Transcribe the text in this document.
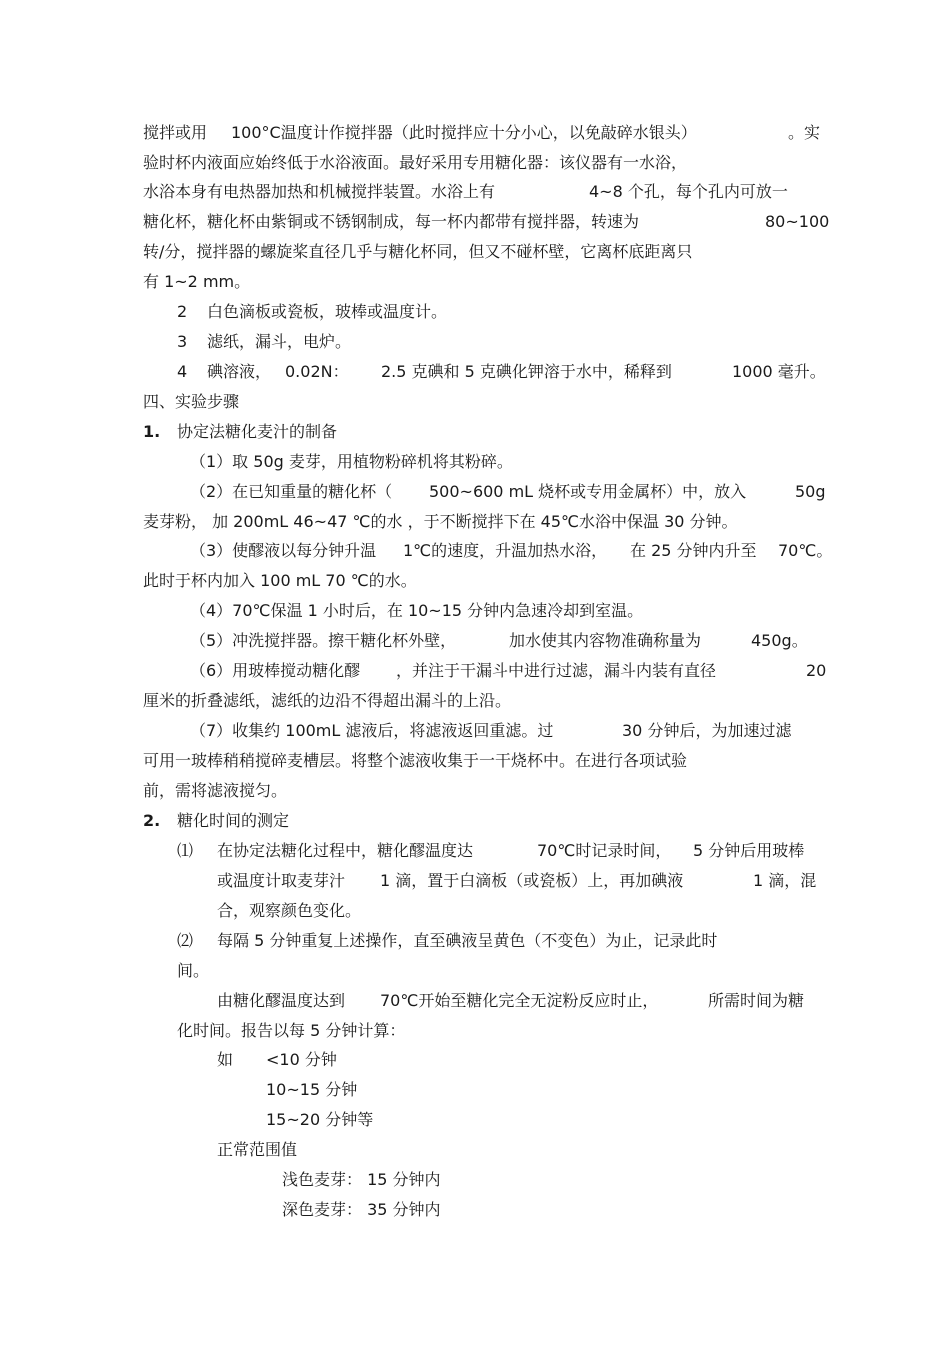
搅拌或用 100°C温度计作搅拌器（此时搅拌应十分小心，以免敲碎水银头）	。实
验时杯内液面应始终低于水浴液面。最好采用专用糖化器：该仪器有一水浴，
水浴本身有电热器加热和机械搅拌装置。水浴上有	4~8 个孔，每个孔内可放一
糖化杯，糖化杯由紫铜或不锈钢制成，每一杯内都带有搅拌器，转速为	80~100
转/分，搅拌器的螺旋桨直径几乎与糖化杯同，但又不碰杯壁，它离杯底距离只
有 1~2 mm。
2 白色滴板或瓷板，玻棒或温度计。
3 滤纸，漏斗，电炉。
4 碘溶液， 0.02N： 2.5 克碘和 5 克碘化钾溶于水中，稀释到	1000 毫升。
四、实验步骤
1. 协定法糖化麦汁的制备
（1）取 50g 麦芽，用植物粉碎机将其粉碎。
（2）在已知重量的糖化杯（ 500~600 mL 烧杯或专用金属杯）中，放入	50g
麦芽粉， 加 200mL 46~47 ℃的水 ，于不断搅拌下在 45℃水浴中保温 30 分钟。
（3）使醪液以每分钟升温 1℃的速度，升温加热水浴， 在 25 分钟内升至 70℃。
此时于杯内加入 100 mL 70 ℃的水。
（4）70℃保温 1 小时后，在 10~15 分钟内急速冷却到室温。
（5）冲洗搅拌器。擦干糖化杯外壁，	加水使其内容物准确称量为	450g。
（6）用玻棒搅动糖化醪 ，并注于干漏斗中进行过滤，漏斗内装有直径	20
厘米的折叠滤纸，滤纸的边沿不得超出漏斗的上沿。
（7）收集约 100mL 滤液后，将滤液返回重滤。过	30 分钟后，为加速过滤
可用一玻棒稍稍搅碎麦槽层。将整个滤液收集于一干烧杯中。在进行各项试验
前，需将滤液搅匀。
2. 糖化时间的测定
⑴ 在协定法糖化过程中，糖化醪温度达	70℃时记录时间， 5 分钟后用玻棒
或温度计取麦芽汁 1 滴，置于白滴板（或瓷板）上，再加碘液	1 滴，混
合，观察颜色变化。
⑵ 每隔 5 分钟重复上述操作，直至碘液呈黄色（不变色）为止，记录此时
间。
由糖化醪温度达到 70℃开始至糖化完全无淀粉反应时止，	所需时间为糖
化时间。报告以每 5 分钟计算：
如 <10 分钟
10~15 分钟
15~20 分钟等
正常范围值
浅色麦芽： 15 分钟内
深色麦芽： 35 分钟内
